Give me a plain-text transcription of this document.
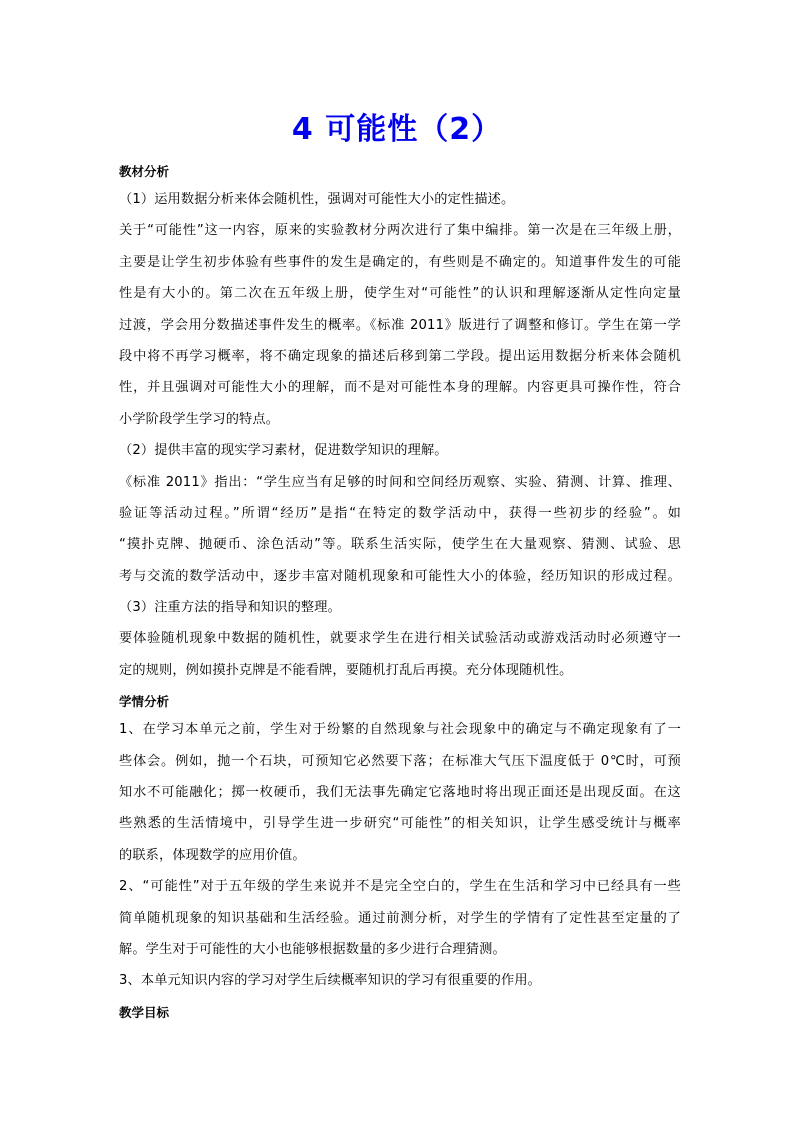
4 可能性（2）
教材分析
（1）运用数据分析来体会随机性，强调对可能性大小的定性描述。
关于“可能性”这一内容，原来的实验教材分两次进行了集中编排。第一次是在三年级上册，
主要是让学生初步体验有些事件的发生是确定的，有些则是不确定的。知道事件发生的可能
性是有大小的。第二次在五年级上册，使学生对“可能性”的认识和理解逐渐从定性向定量
过渡，学会用分数描述事件发生的概率。《标准 2011》版进行了调整和修订。学生在第一学
段中将不再学习概率，将不确定现象的描述后移到第二学段。提出运用数据分析来体会随机
性，并且强调对可能性大小的理解，而不是对可能性本身的理解。内容更具可操作性，符合
小学阶段学生学习的特点。
（2）提供丰富的现实学习素材，促进数学知识的理解。
《标准 2011》指出：“学生应当有足够的时间和空间经历观察、实验、猜测、计算、推理、
验证等活动过程。”所谓“经历”是指“在特定的数学活动中，获得一些初步的经验”。如
“摸扑克牌、抛硬币、涂色活动”等。联系生活实际，使学生在大量观察、猜测、试验、思
考与交流的数学活动中，逐步丰富对随机现象和可能性大小的体验，经历知识的形成过程。
（3）注重方法的指导和知识的整理。
要体验随机现象中数据的随机性，就要求学生在进行相关试验活动或游戏活动时必须遵守一
定的规则，例如摸扑克牌是不能看牌，要随机打乱后再摸。充分体现随机性。
学情分析
1、在学习本单元之前，学生对于纷繁的自然现象与社会现象中的确定与不确定现象有了一
些体会。例如，抛一个石块，可预知它必然要下落；在标准大气压下温度低于 0℃时，可预
知水不可能融化；掷一枚硬币，我们无法事先确定它落地时将出现正面还是出现反面。在这
些熟悉的生活情境中，引导学生进一步研究“可能性”的相关知识，让学生感受统计与概率
的联系，体现数学的应用价值。
2、“可能性”对于五年级的学生来说并不是完全空白的，学生在生活和学习中已经具有一些
简单随机现象的知识基础和生活经验。通过前测分析，对学生的学情有了定性甚至定量的了
解。学生对于可能性的大小也能够根据数量的多少进行合理猜测。
3、本单元知识内容的学习对学生后续概率知识的学习有很重要的作用。
教学目标
